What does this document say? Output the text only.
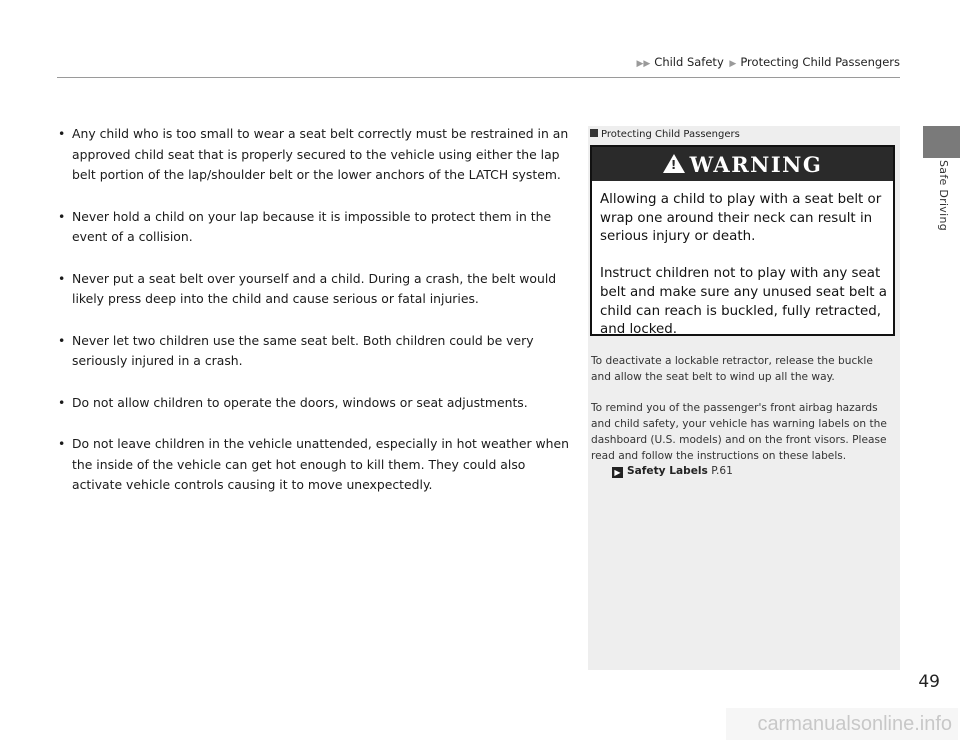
▶▶ Child Safety ▶ Protecting Child Passengers
Safe Driving
• Any child who is too small to wear a seat belt correctly must be restrained in an approved child seat that is properly secured to the vehicle using either the lap belt portion of the lap/shoulder belt or the lower anchors of the LATCH system.
• Never hold a child on your lap because it is impossible to protect them in the event of a collision.
• Never put a seat belt over yourself and a child. During a crash, the belt would likely press deep into the child and cause serious or fatal injuries.
• Never let two children use the same seat belt. Both children could be very seriously injured in a crash.
• Do not allow children to operate the doors, windows or seat adjustments.
• Do not leave children in the vehicle unattended, especially in hot weather when the inside of the vehicle can get hot enough to kill them. They could also activate vehicle controls causing it to move unexpectedly.
Protecting Child Passengers
! WARNING

Allowing a child to play with a seat belt or wrap one around their neck can result in serious injury or death.

Instruct children not to play with any seat belt and make sure any unused seat belt a child can reach is buckled, fully retracted, and locked.

To deactivate a lockable retractor, release the buckle and allow the seat belt to wind up all the way.

To remind you of the passenger's front airbag hazards and child safety, your vehicle has warning labels on the dashboard (U.S. models) and on the front visors. Please read and follow the instructions on these labels.

▶ Safety Labels P.61
49
carmanualsonline.info
